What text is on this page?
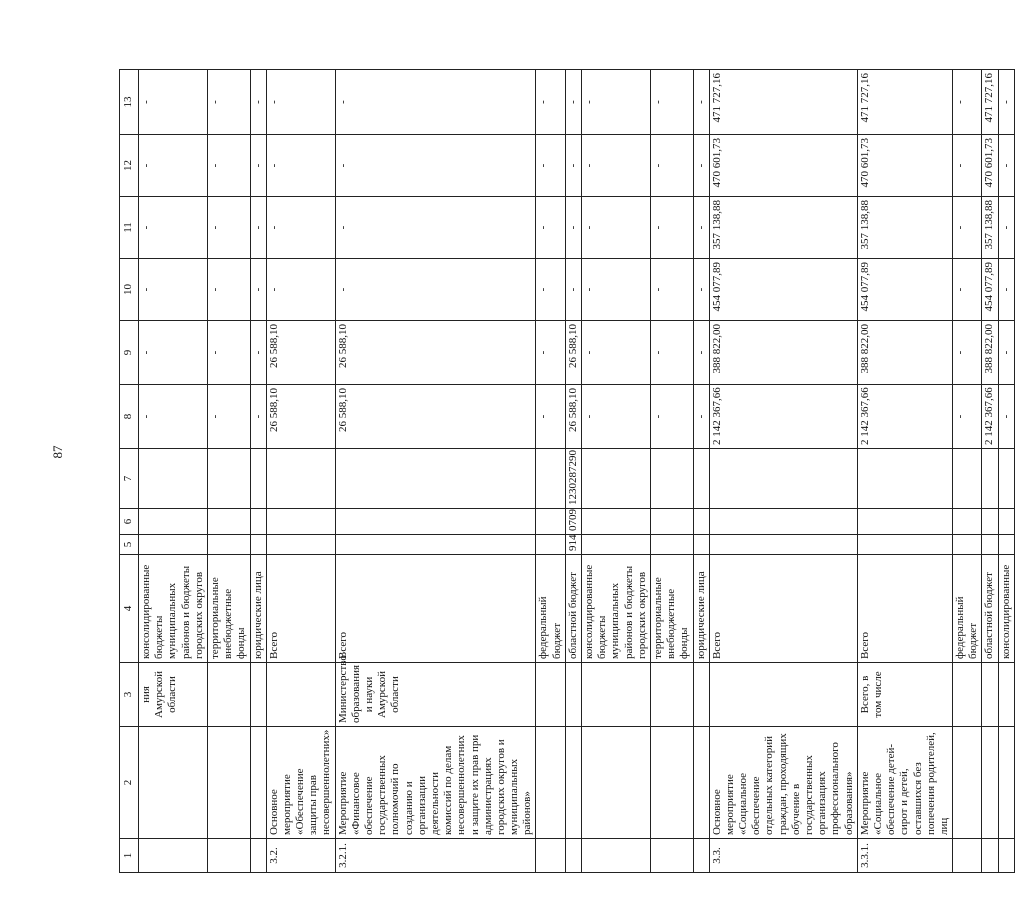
87
1	2	3	4	5	6	7	8	9	10	11	12	13
		ния Амурской области	консолидированные бюджеты муниципальных районов и бюджеты городских округов				-	-	-	-	-	-
			территориальные внебюджетные фонды				-	-	-	-	-	-
			юридические лица				-	-	-	-	-	-
3.2.	Основное мероприятие «Обеспечение защиты прав несовершеннолетних»		Всего				26 588,10	26 588,10	-	-	-	-
3.2.1.	Мероприятие «Финансовое обеспечение государственных полномочий по созданию и организации деятельности комиссий по делам несовершеннолетних и защите их прав при администрациях городских округов и муниципальных районов»	Министерство образования и науки Амурской области	Всего				26 588,10	26 588,10	-	-	-	-
			федеральный бюджет				-	-	-	-	-	-
			областной бюджет	914	0709	1230287290	26 588,10	26 588,10	-	-	-	-
			консолидированные бюджеты муниципальных районов и бюджеты городских округов				-	-	-	-	-	-
			территориальные внебюджетные фонды				-	-	-	-	-	-
			юридические лица				-	-	-	-	-	-
3.3.	Основное мероприятие «Социальное обеспечение отдельных категорий граждан, проходящих обучение в государственных организациях профессионального образования»		Всего				2 142 367,66	388 822,00	454 077,89	357 138,88	470 601,73	471 727,16
3.3.1.	Мероприятие «Социальное обеспечение детей-сирот и детей, оставшихся без попечения родителей, лиц	Всего, в том числе	Всего				2 142 367,66	388 822,00	454 077,89	357 138,88	470 601,73	471 727,16
			федеральный бюджет				-	-	-	-	-	-
			областной бюджет				2 142 367,66	388 822,00	454 077,89	357 138,88	470 601,73	471 727,16
			консолидированные				-	-	-	-	-	-
